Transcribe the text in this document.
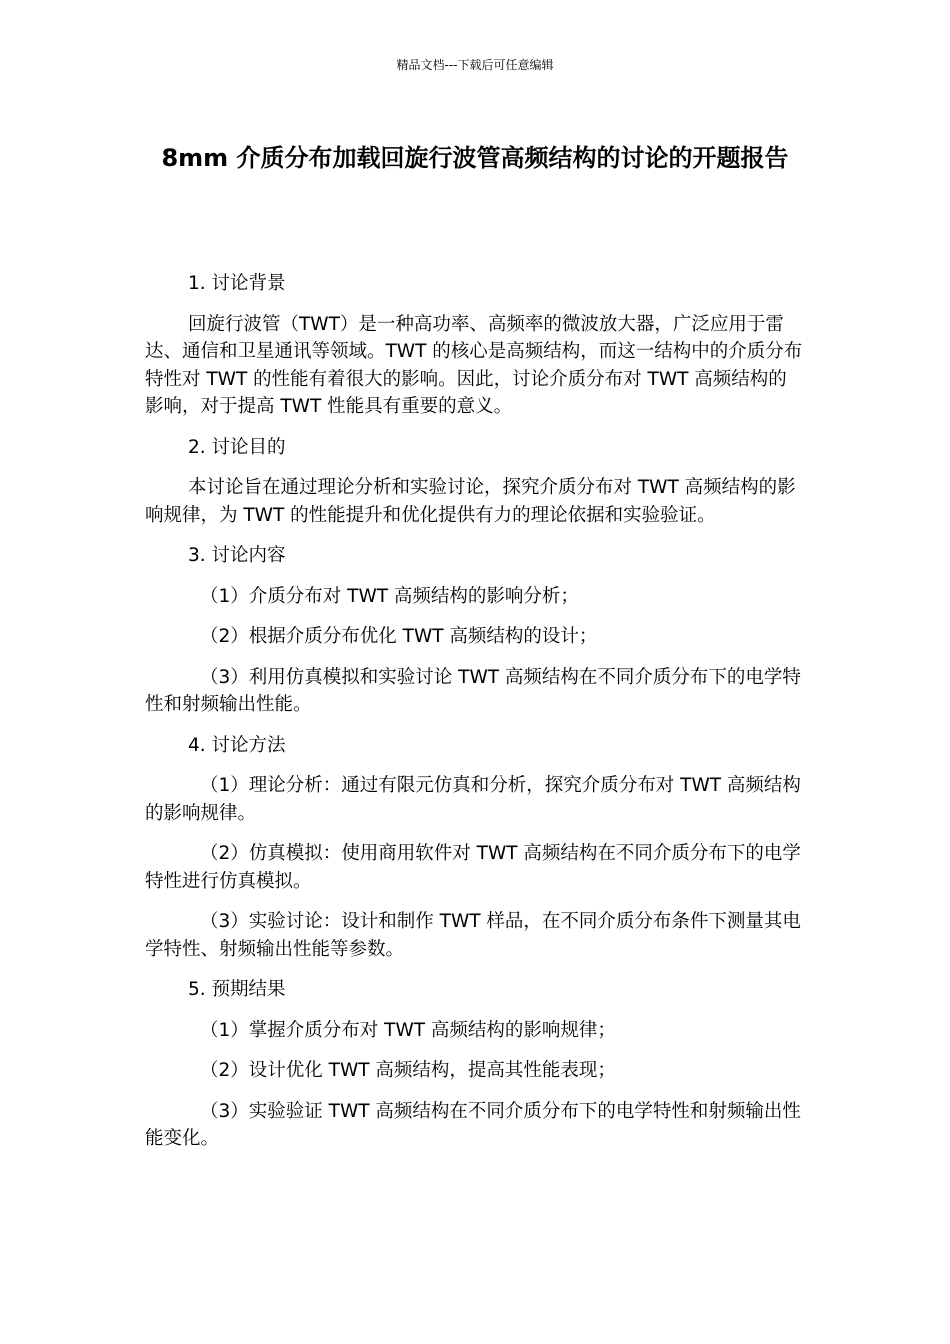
精品文档---下载后可任意编辑
8mm 介质分布加载回旋行波管高频结构的讨论的开题报告

1. 讨论背景

回旋行波管（TWT）是一种高功率、高频率的微波放大器，广泛应用于雷达、通信和卫星通讯等领域。TWT 的核心是高频结构，而这一结构中的介质分布特性对 TWT 的性能有着很大的影响。因此，讨论介质分布对 TWT 高频结构的影响，对于提高 TWT 性能具有重要的意义。

2. 讨论目的

本讨论旨在通过理论分析和实验讨论，探究介质分布对 TWT 高频结构的影响规律，为 TWT 的性能提升和优化提供有力的理论依据和实验验证。

3. 讨论内容

（1）介质分布对 TWT 高频结构的影响分析；

（2）根据介质分布优化 TWT 高频结构的设计；

（3）利用仿真模拟和实验讨论 TWT 高频结构在不同介质分布下的电学特性和射频输出性能。

4. 讨论方法

（1）理论分析：通过有限元仿真和分析，探究介质分布对 TWT 高频结构的影响规律。

（2）仿真模拟：使用商用软件对 TWT 高频结构在不同介质分布下的电学特性进行仿真模拟。

（3）实验讨论：设计和制作 TWT 样品，在不同介质分布条件下测量其电学特性、射频输出性能等参数。

5. 预期结果

（1）掌握介质分布对 TWT 高频结构的影响规律；

（2）设计优化 TWT 高频结构，提高其性能表现；

（3）实验验证 TWT 高频结构在不同介质分布下的电学特性和射频输出性能变化。
